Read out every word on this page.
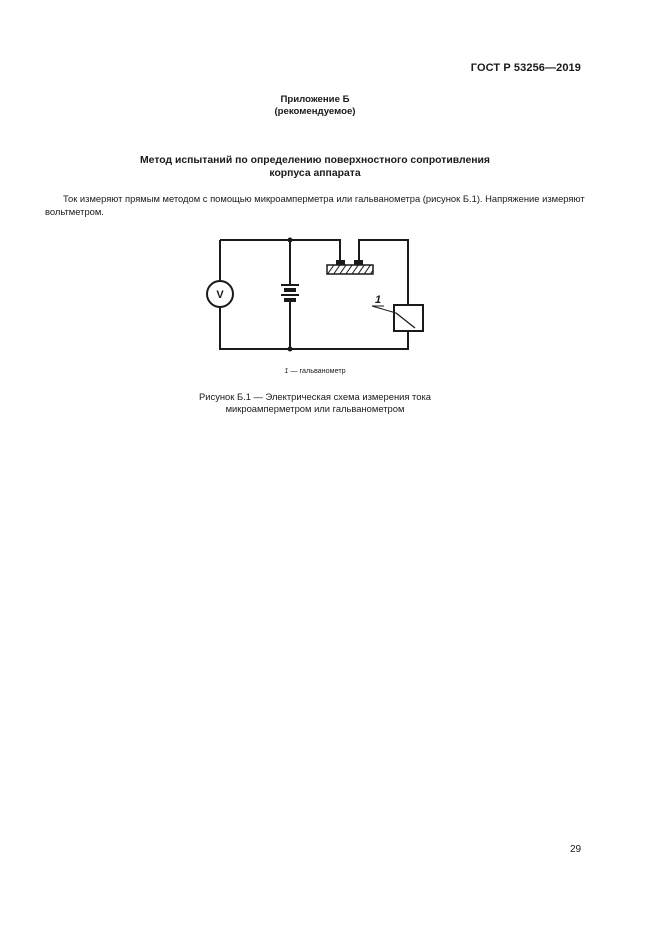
ГОСТ Р 53256—2019
Приложение Б
(рекомендуемое)
Метод испытаний по определению поверхностного сопротивления
корпуса аппарата
Ток измеряют прямым методом с помощью микроамперметра или гальванометра (рисунок Б.1). Напряжение измеряют вольтметром.
V	1
1 — гальванометр
Рисунок Б.1 — Электрическая схема измерения тока
микроамперметром или гальванометром
29
